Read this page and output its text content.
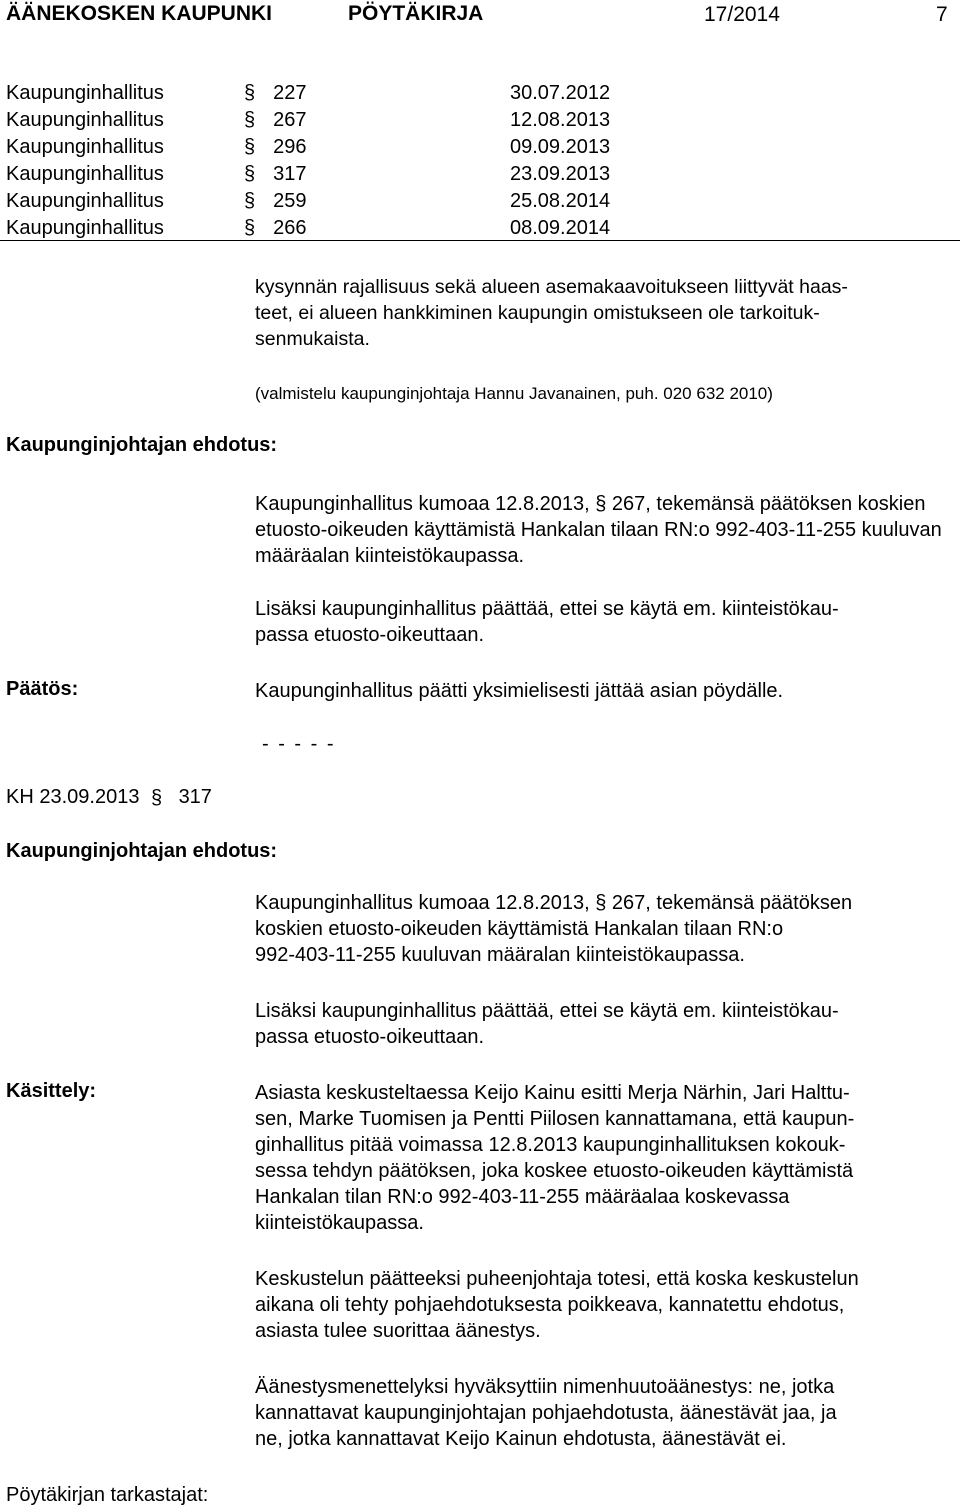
ÄÄNEKOSKEN KAUPUNKI	PÖYTÄKIRJA	17/2014	7
Kaupunginhallitus	§ 227	30.07.2012
Kaupunginhallitus	§ 267	12.08.2013
Kaupunginhallitus	§ 296	09.09.2013
Kaupunginhallitus	§ 317	23.09.2013
Kaupunginhallitus	§ 259	25.08.2014
Kaupunginhallitus	§ 266	08.09.2014
kysynnän rajallisuus sekä alueen asemakaavoitukseen liittyvät haas-
teet, ei alueen hankkiminen kaupungin omistukseen ole tarkoituk-
senmukaista.
(valmistelu kaupunginjohtaja Hannu Javanainen, puh. 020 632 2010)
Kaupunginjohtajan ehdotus:
Kaupunginhallitus kumoaa 12.8.2013, § 267, tekemänsä päätöksen koskien etuosto-oikeuden käyttämistä Hankalan tilaan RN:o 992-403-11-255 kuuluvan määräalan kiinteistökaupassa.
Lisäksi kaupunginhallitus päättää, ettei se käytä em. kiinteistökau-
passa etuosto-oikeuttaan.
Päätös:	Kaupunginhallitus päätti yksimielisesti jättää asian pöydälle.
- - - - -
KH 23.09.2013 § 317
Kaupunginjohtajan ehdotus:
Kaupunginhallitus kumoaa 12.8.2013, § 267, tekemänsä päätöksen
koskien etuosto-oikeuden käyttämistä Hankalan tilaan RN:o
992-403-11-255 kuuluvan määralan kiinteistökaupassa.
Lisäksi kaupunginhallitus päättää, ettei se käytä em. kiinteistökau-
passa etuosto-oikeuttaan.
Käsittely:	Asiasta keskusteltaessa Keijo Kainu esitti Merja Närhin, Jari Halttu-
sen, Marke Tuomisen ja Pentti Piilosen kannattamana, että kaupun-
ginhallitus pitää voimassa 12.8.2013 kaupunginhallituksen kokouk-
sessa tehdyn päätöksen, joka koskee etuosto-oikeuden käyttämistä
Hankalan tilan RN:o 992-403-11-255 määräalaa koskevassa
kiinteistökaupassa.
Keskustelun päätteeksi puheenjohtaja totesi, että koska keskustelun
aikana oli tehty pohjaehdotuksesta poikkeava, kannatettu ehdotus,
asiasta tulee suorittaa äänestys.
Äänestysmenettelyksi hyväksyttiin nimenhuutoäänestys: ne, jotka
kannattavat kaupunginjohtajan pohjaehdotusta, äänestävät jaa, ja
ne, jotka kannattavat Keijo Kainun ehdotusta, äänestävät ei.
Pöytäkirjan tarkastajat:
